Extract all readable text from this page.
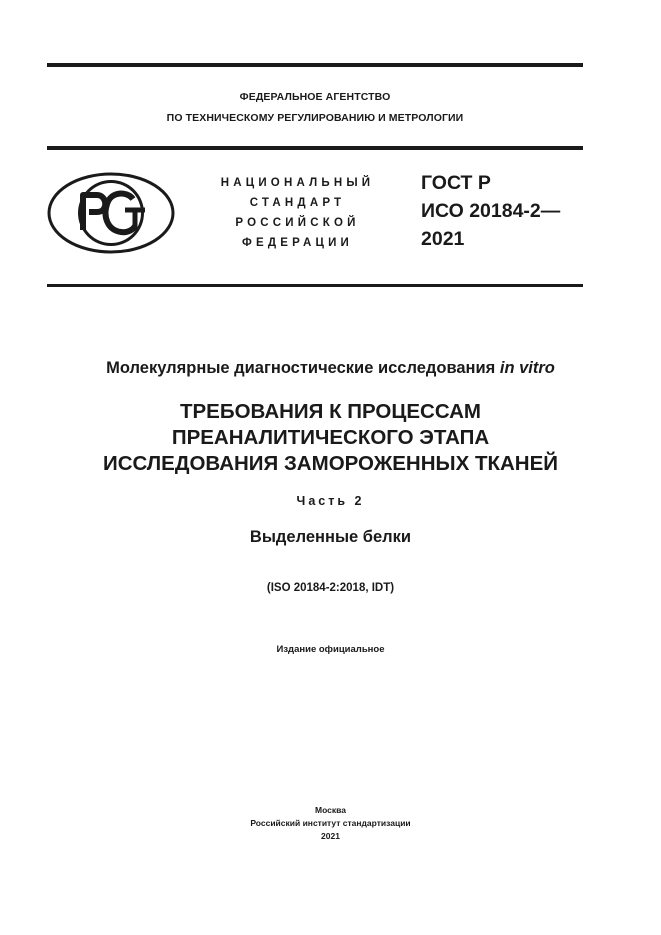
ФЕДЕРАЛЬНОЕ АГЕНТСТВО
ПО ТЕХНИЧЕСКОМУ РЕГУЛИРОВАНИЮ И МЕТРОЛОГИИ
НАЦИОНАЛЬНЫЙ
СТАНДАРТ
РОССИЙСКОЙ
ФЕДЕРАЦИИ
ГОСТ Р
ИСО 20184-2—
2021
Молекулярные диагностические исследования in vitro
ТРЕБОВАНИЯ К ПРОЦЕССАМ
ПРЕАНАЛИТИЧЕСКОГО ЭТАПА
ИССЛЕДОВАНИЯ ЗАМОРОЖЕННЫХ ТКАНЕЙ
Часть 2
Выделенные белки
(ISO 20184-2:2018, IDT)
Издание официальное
Москва
Российский институт стандартизации
2021
